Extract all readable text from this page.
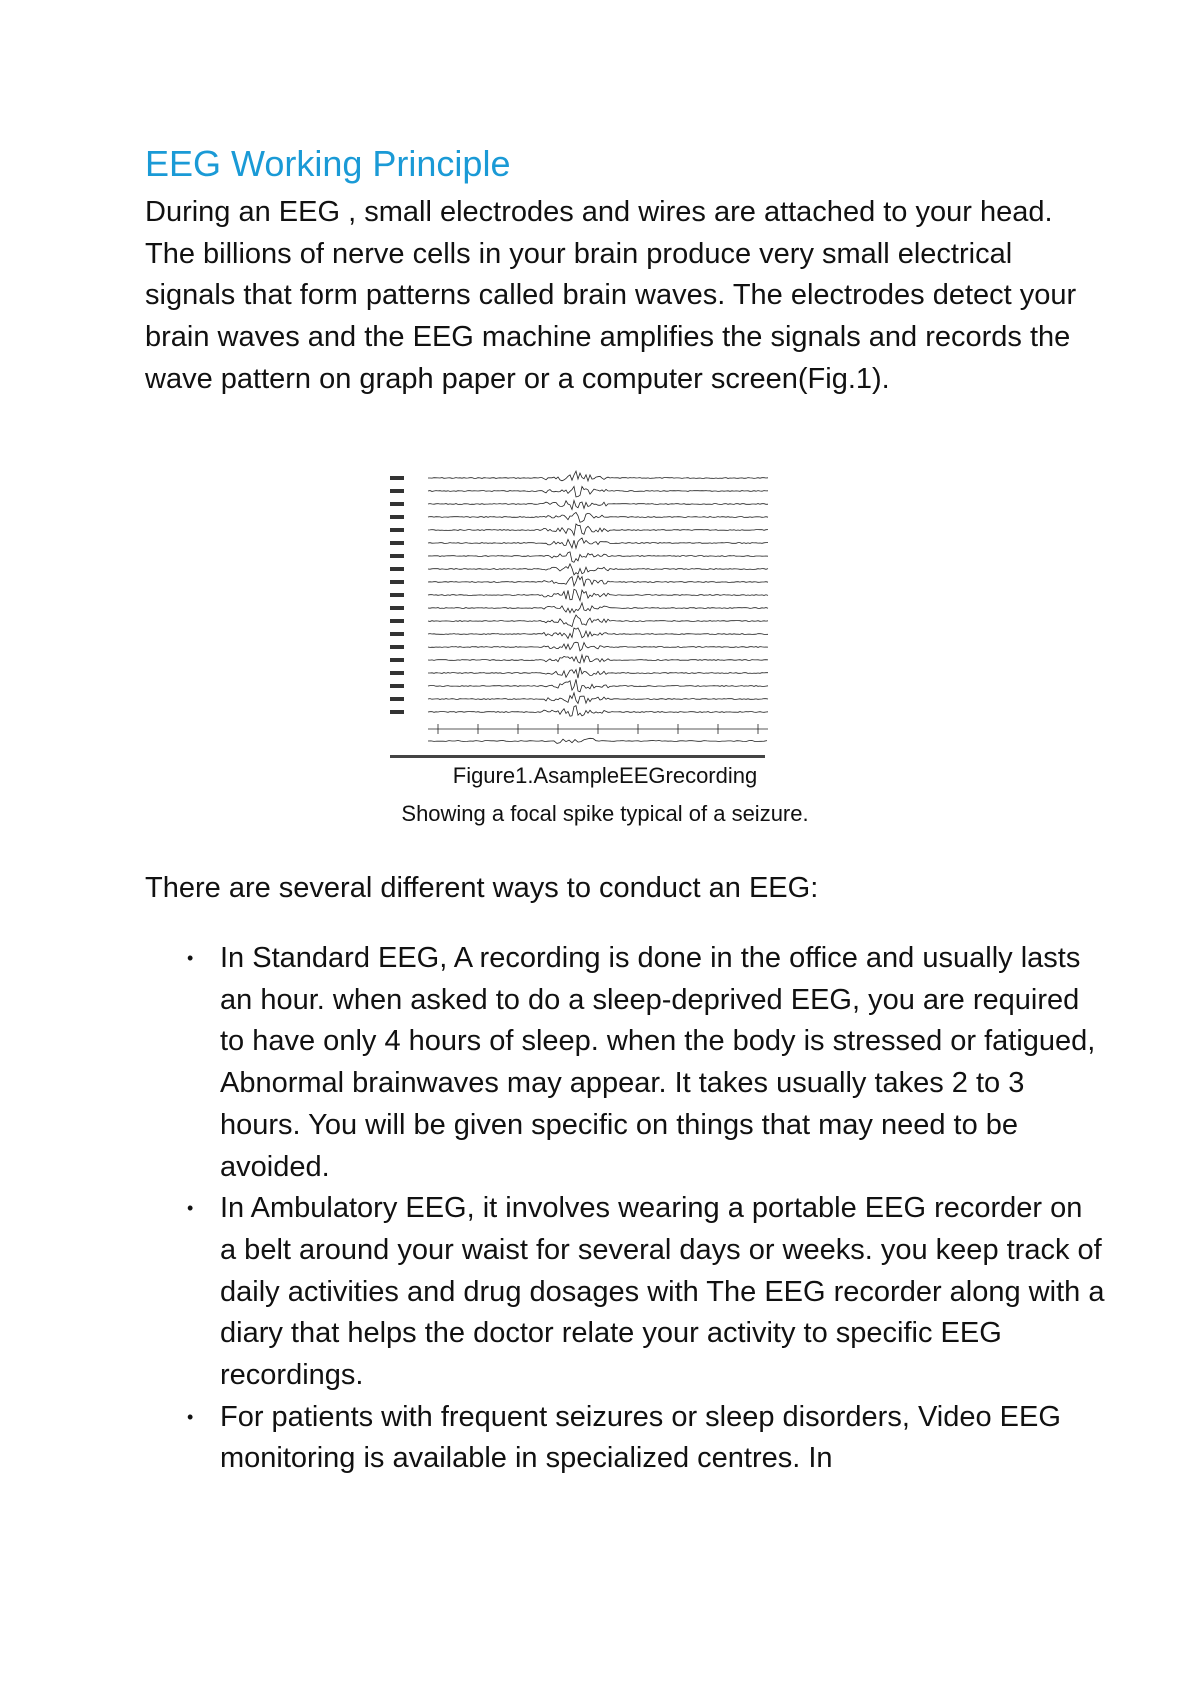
EEG Working Principle

During an EEG , small electrodes and wires are attached to your head. The billions of nerve cells in your brain produce very small electrical signals that form patterns called brain waves. The electrodes detect your brain waves and the EEG machine amplifies the signals and records the wave pattern on graph paper or a computer screen(Fig.1).

Figure1.AsampleEEGrecording

Showing a focal spike typical of a seizure.

There are several different ways to conduct an EEG:

• In Standard EEG, A recording is done in the office and usually lasts an hour. when asked to do a sleep-deprived EEG, you are required to have only 4 hours of sleep. when the body is stressed or fatigued, Abnormal brainwaves may appear. It takes usually takes 2 to 3 hours. You will be given specific on things that may need to be avoided.
• In Ambulatory EEG, it involves wearing a portable EEG recorder on a belt around your waist for several days or weeks. you keep track of daily activities and drug dosages with The EEG recorder along with a diary that helps the doctor relate your activity to specific EEG recordings.
• For patients with frequent seizures or sleep disorders, Video EEG monitoring is available in specialized centres. In
